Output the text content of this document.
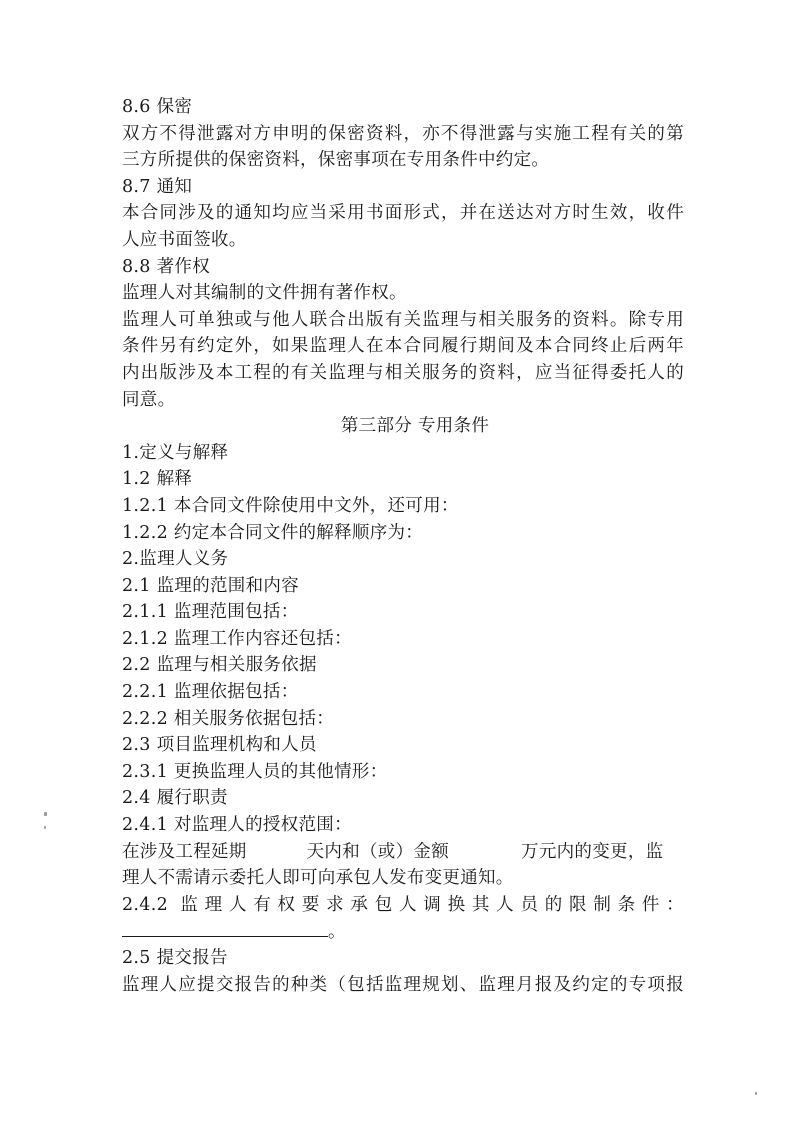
8.6 保密
双方不得泄露对方申明的保密资料，亦不得泄露与实施工程有关的第
三方所提供的保密资料，保密事项在专用条件中约定。
8.7 通知
本合同涉及的通知均应当采用书面形式，并在送达对方时生效，收件
人应书面签收。
8.8 著作权
监理人对其编制的文件拥有著作权。
监理人可单独或与他人联合出版有关监理与相关服务的资料。除专用
条件另有约定外，如果监理人在本合同履行期间及本合同终止后两年
内出版涉及本工程的有关监理与相关服务的资料，应当征得委托人的
同意。
第三部分 专用条件
1.定义与解释
1.2 解释
1.2.1 本合同文件除使用中文外，还可用：
1.2.2 约定本合同文件的解释顺序为：
2.监理人义务
2.1 监理的范围和内容
2.1.1 监理范围包括：
2.1.2 监理工作内容还包括：
2.2 监理与相关服务依据
2.2.1 监理依据包括：
2.2.2 相关服务依据包括：
2.3 项目监理机构和人员
2.3.1 更换监理人员的其他情形：
2.4 履行职责
2.4.1 对监理人的授权范围：
在涉及工程延期	天内和（或）金额	万元内的变更，监
理人不需请示委托人即可向承包人发布变更通知。
2.4.2 监理人有权要求承包人调换其人员的限制条件：
。
2.5 提交报告
监理人应提交报告的种类（包括监理规划、监理月报及约定的专项报
